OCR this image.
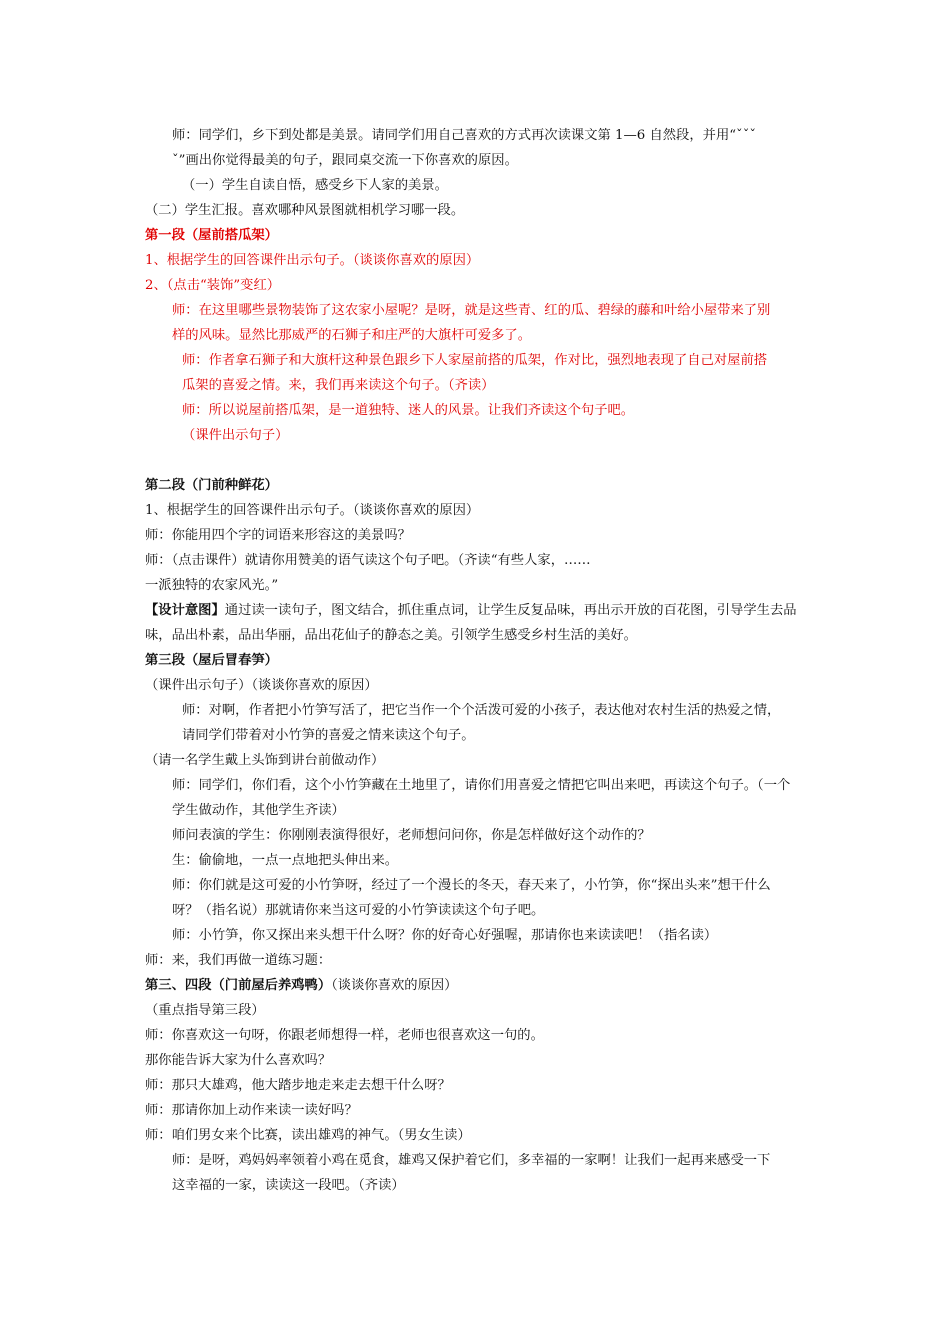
师：同学们，乡下到处都是美景。请同学们用自己喜欢的方式再次读课文第 1—6 自然段，并用“ˇˇˇ
ˇ”画出你觉得最美的句子，跟同桌交流一下你喜欢的原因。
（一）学生自读自悟，感受乡下人家的美景。
（二）学生汇报。喜欢哪种风景图就相机学习哪一段。
第一段（屋前搭瓜架）
1、根据学生的回答课件出示句子。（谈谈你喜欢的原因）
2、（点击“装饰”变红）
师：在这里哪些景物装饰了这农家小屋呢？是呀，就是这些青、红的瓜、碧绿的藤和叶给小屋带来了别
样的风味。显然比那威严的石狮子和庄严的大旗杆可爱多了。
师：作者拿石狮子和大旗杆这种景色跟乡下人家屋前搭的瓜架，作对比，强烈地表现了自己对屋前搭
瓜架的喜爱之情。来，我们再来读这个句子。（齐读）
师：所以说屋前搭瓜架，是一道独特、迷人的风景。让我们齐读这个句子吧。
（课件出示句子）
第二段（门前种鲜花）
1、根据学生的回答课件出示句子。（谈谈你喜欢的原因）
师：你能用四个字的词语来形容这的美景吗？
师：（点击课件）就请你用赞美的语气读这个句子吧。（齐读“有些人家，……
一派独特的农家风光。”
【设计意图】通过读一读句子，图文结合，抓住重点词，让学生反复品味，再出示开放的百花图，引导学生去品
味，品出朴素，品出华丽，品出花仙子的静态之美。引领学生感受乡村生活的美好。
第三段（屋后冒春笋）
（课件出示句子）（谈谈你喜欢的原因）
师：对啊，作者把小竹笋写活了，把它当作一个个活泼可爱的小孩子，表达他对农村生活的热爱之情，
请同学们带着对小竹笋的喜爱之情来读这个句子。
（请一名学生戴上头饰到讲台前做动作）
师：同学们，你们看，这个小竹笋藏在土地里了，请你们用喜爱之情把它叫出来吧，再读这个句子。（一个
学生做动作，其他学生齐读）
师问表演的学生：你刚刚表演得很好，老师想问问你，你是怎样做好这个动作的？
生：偷偷地，一点一点地把头伸出来。
师：你们就是这可爱的小竹笋呀，经过了一个漫长的冬天，春天来了，小竹笋，你“探出头来”想干什么
呀？（指名说）那就请你来当这可爱的小竹笋读读这个句子吧。
师：小竹笋，你又探出来头想干什么呀？你的好奇心好强喔，那请你也来读读吧！（指名读）
师：来，我们再做一道练习题：
第三、四段（门前屋后养鸡鸭）（谈谈你喜欢的原因）
（重点指导第三段）
师：你喜欢这一句呀，你跟老师想得一样，老师也很喜欢这一句的。
那你能告诉大家为什么喜欢吗？
师：那只大雄鸡，他大踏步地走来走去想干什么呀？
师：那请你加上动作来读一读好吗？
师：咱们男女来个比赛，读出雄鸡的神气。（男女生读）
师：是呀，鸡妈妈率领着小鸡在觅食，雄鸡又保护着它们，多幸福的一家啊！让我们一起再来感受一下
这幸福的一家，读读这一段吧。（齐读）
